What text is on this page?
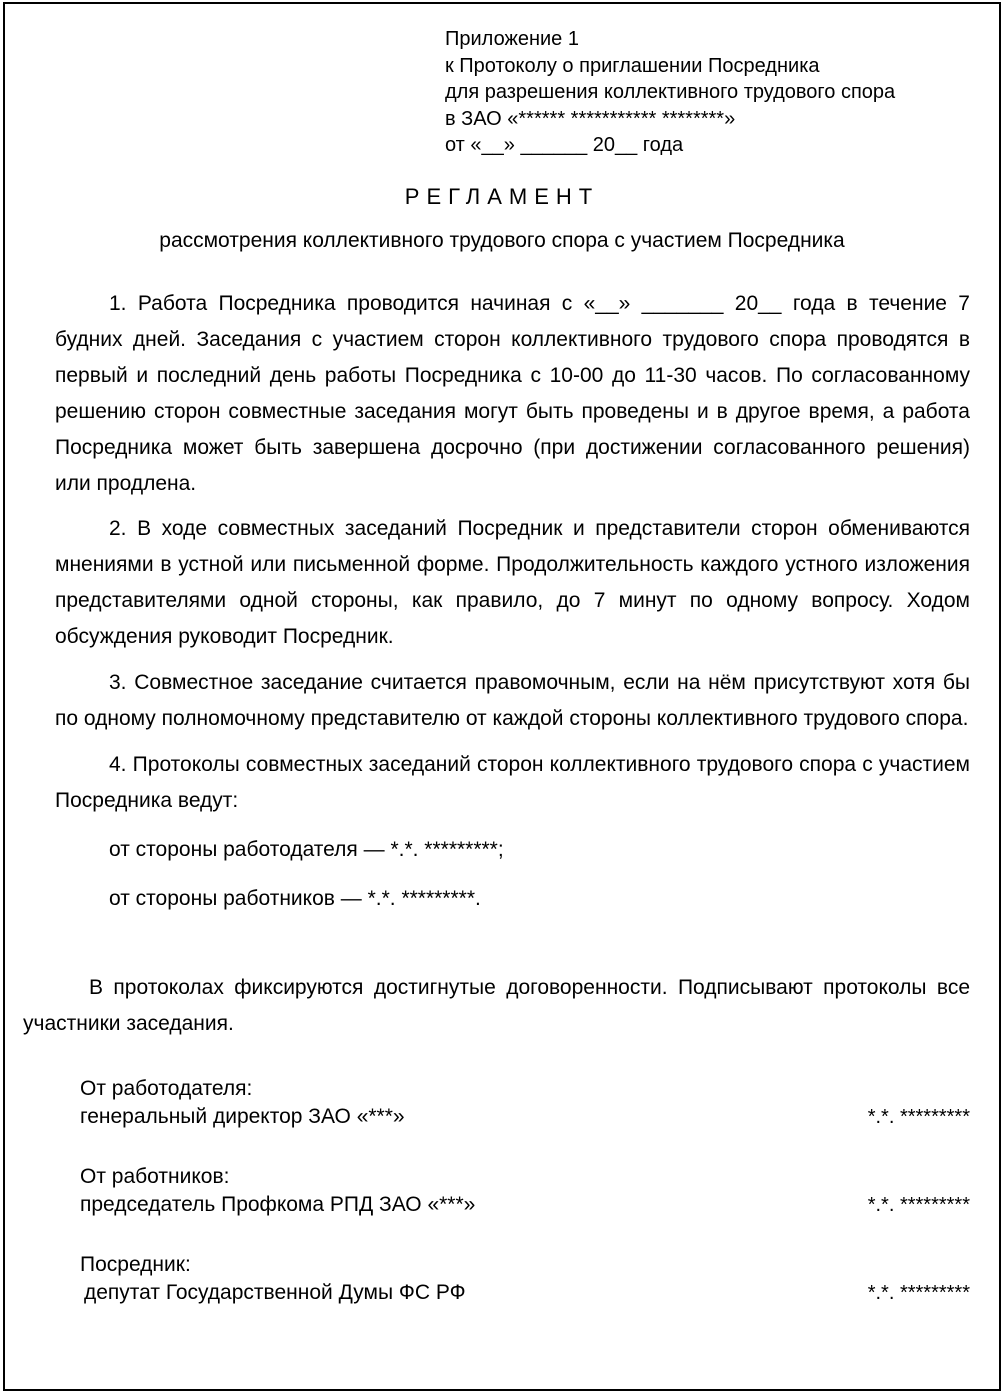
Приложение 1
к Протоколу о приглашении Посредника
для разрешения коллективного трудового спора
в ЗАО «****** *********** ********»
от «__» ______ 20__ года
РЕГЛАМЕНТ
рассмотрения коллективного трудового спора с участием Посредника

1. Работа Посредника проводится начиная с «__» _______ 20__ года в течение 7 будних дней. Заседания с участием сторон коллективного трудового спора проводятся в первый и последний день работы Посредника с 10-00 до 11-30 часов. По согласованному решению сторон совместные заседания могут быть проведены и в другое время, а работа Посредника может быть завершена досрочно (при достижении согласованного решения) или продлена.

2. В ходе совместных заседаний Посредник и представители сторон обмениваются мнениями в устной или письменной форме. Продолжительность каждого устного изложения представителями одной стороны, как правило, до 7 минут по одному вопросу. Ходом обсуждения руководит Посредник.

3. Совместное заседание считается правомочным, если на нём присутствуют хотя бы по одному полномочному представителю от каждой стороны коллективного трудового спора.

4. Протоколы совместных заседаний сторон коллективного трудового спора с участием Посредника ведут:

от стороны работодателя — *.*. *********;

от стороны работников — *.*. *********.

В протоколах фиксируются достигнутые договоренности. Подписывают протоколы все участники заседания.
От работодателя:
генеральный директор ЗАО «***»	*.*. *********
От работников:
председатель Профкома РПД ЗАО «***»	*.*. *********
Посредник:
депутат Государственной Думы ФС РФ	*.*. *********
